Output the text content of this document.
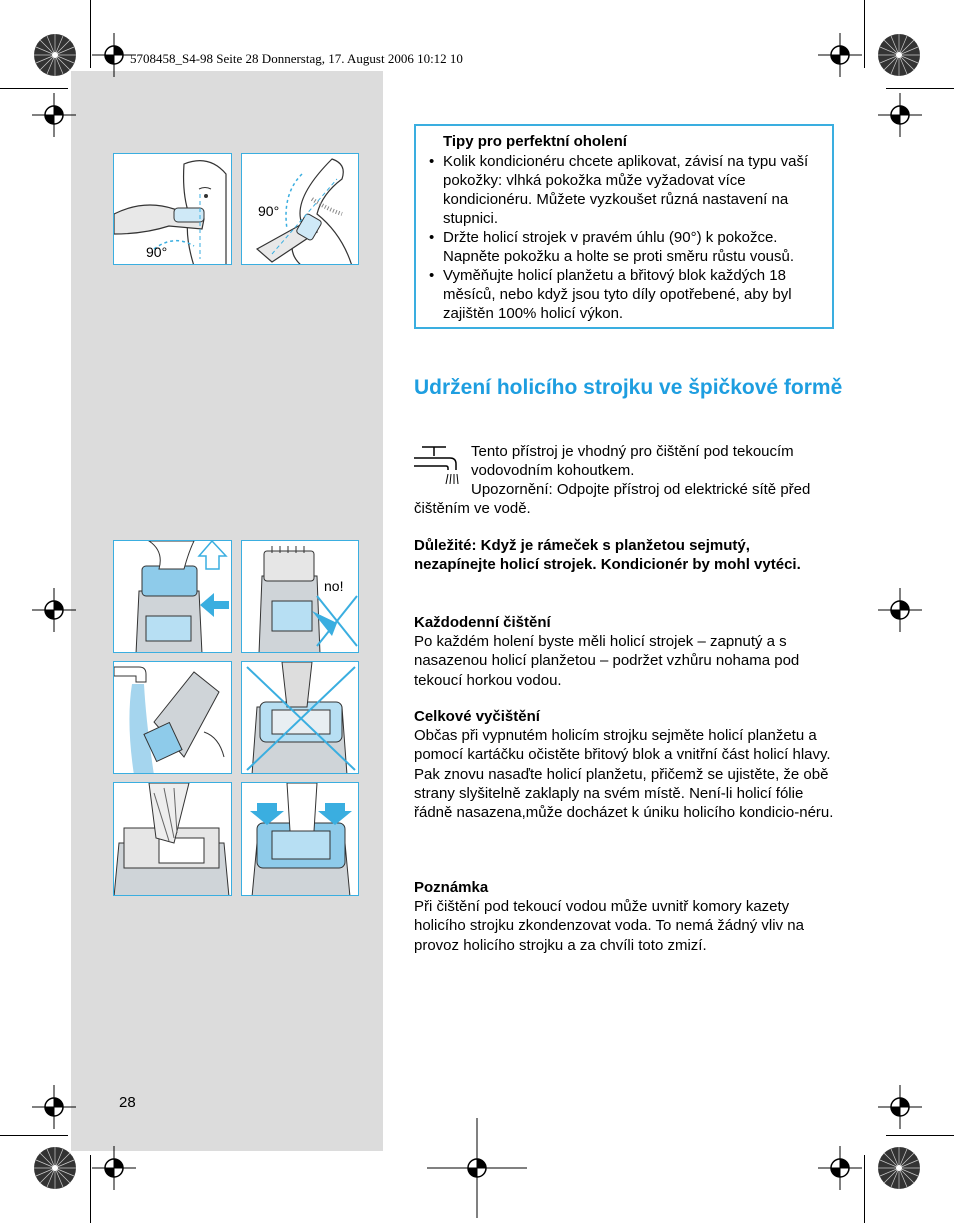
5708458_S4-98 Seite 28 Donnerstag, 17. August 2006 10:12 10
90°
90°
Tipy pro perfektní oholení
• Kolik kondicionéru chcete aplikovat, závisí na typu vaší pokožky: vlhká pokožka může vyžadovat více kondicionéru. Můžete vyzkoušet různá nastavení na stupnici.
• Držte holicí strojek v pravém úhlu (90°) k pokožce. Napněte pokožku a holte se proti směru růstu vousů.
• Vyměňujte holicí planžetu a břitový blok každých 18 měsíců, nebo když jsou tyto díly opotřebené, aby byl zajištěn 100% holicí výkon.
Udržení holicího strojku ve špičkové formě
Tento přístroj je vhodný pro čištění pod tekoucím vodovodním kohoutkem.
Upozornění: Odpojte přístroj od elektrické sítě před čištěním ve vodě.
Důležité: Když je rámeček s planžetou sejmutý, nezapínejte holicí strojek. Kondicionér by mohl vytéci.
Každodenní čištění
Po každém holení byste měli holicí strojek – zapnutý a s nasazenou holicí planžetou – podržet vzhůru nohama pod tekoucí horkou vodou.
Celkové vyčištění
Občas při vypnutém holicím strojku sejměte holicí planžetu a pomocí kartáčku očistěte břitový blok a vnitřní část holicí hlavy. Pak znovu nasaďte holicí planžetu, přičemž se ujistěte, že obě strany slyšitelně zaklaply na svém místě. Není-li holicí fólie řádně nasazena,může docházet k úniku holicího kondicio-néru.
Poznámka
Při čištění pod tekoucí vodou může uvnitř komory kazety holicího strojku zkondenzovat voda. To nemá žádný vliv na provoz holicího strojku a za chvíli toto zmizí.
no!
28
